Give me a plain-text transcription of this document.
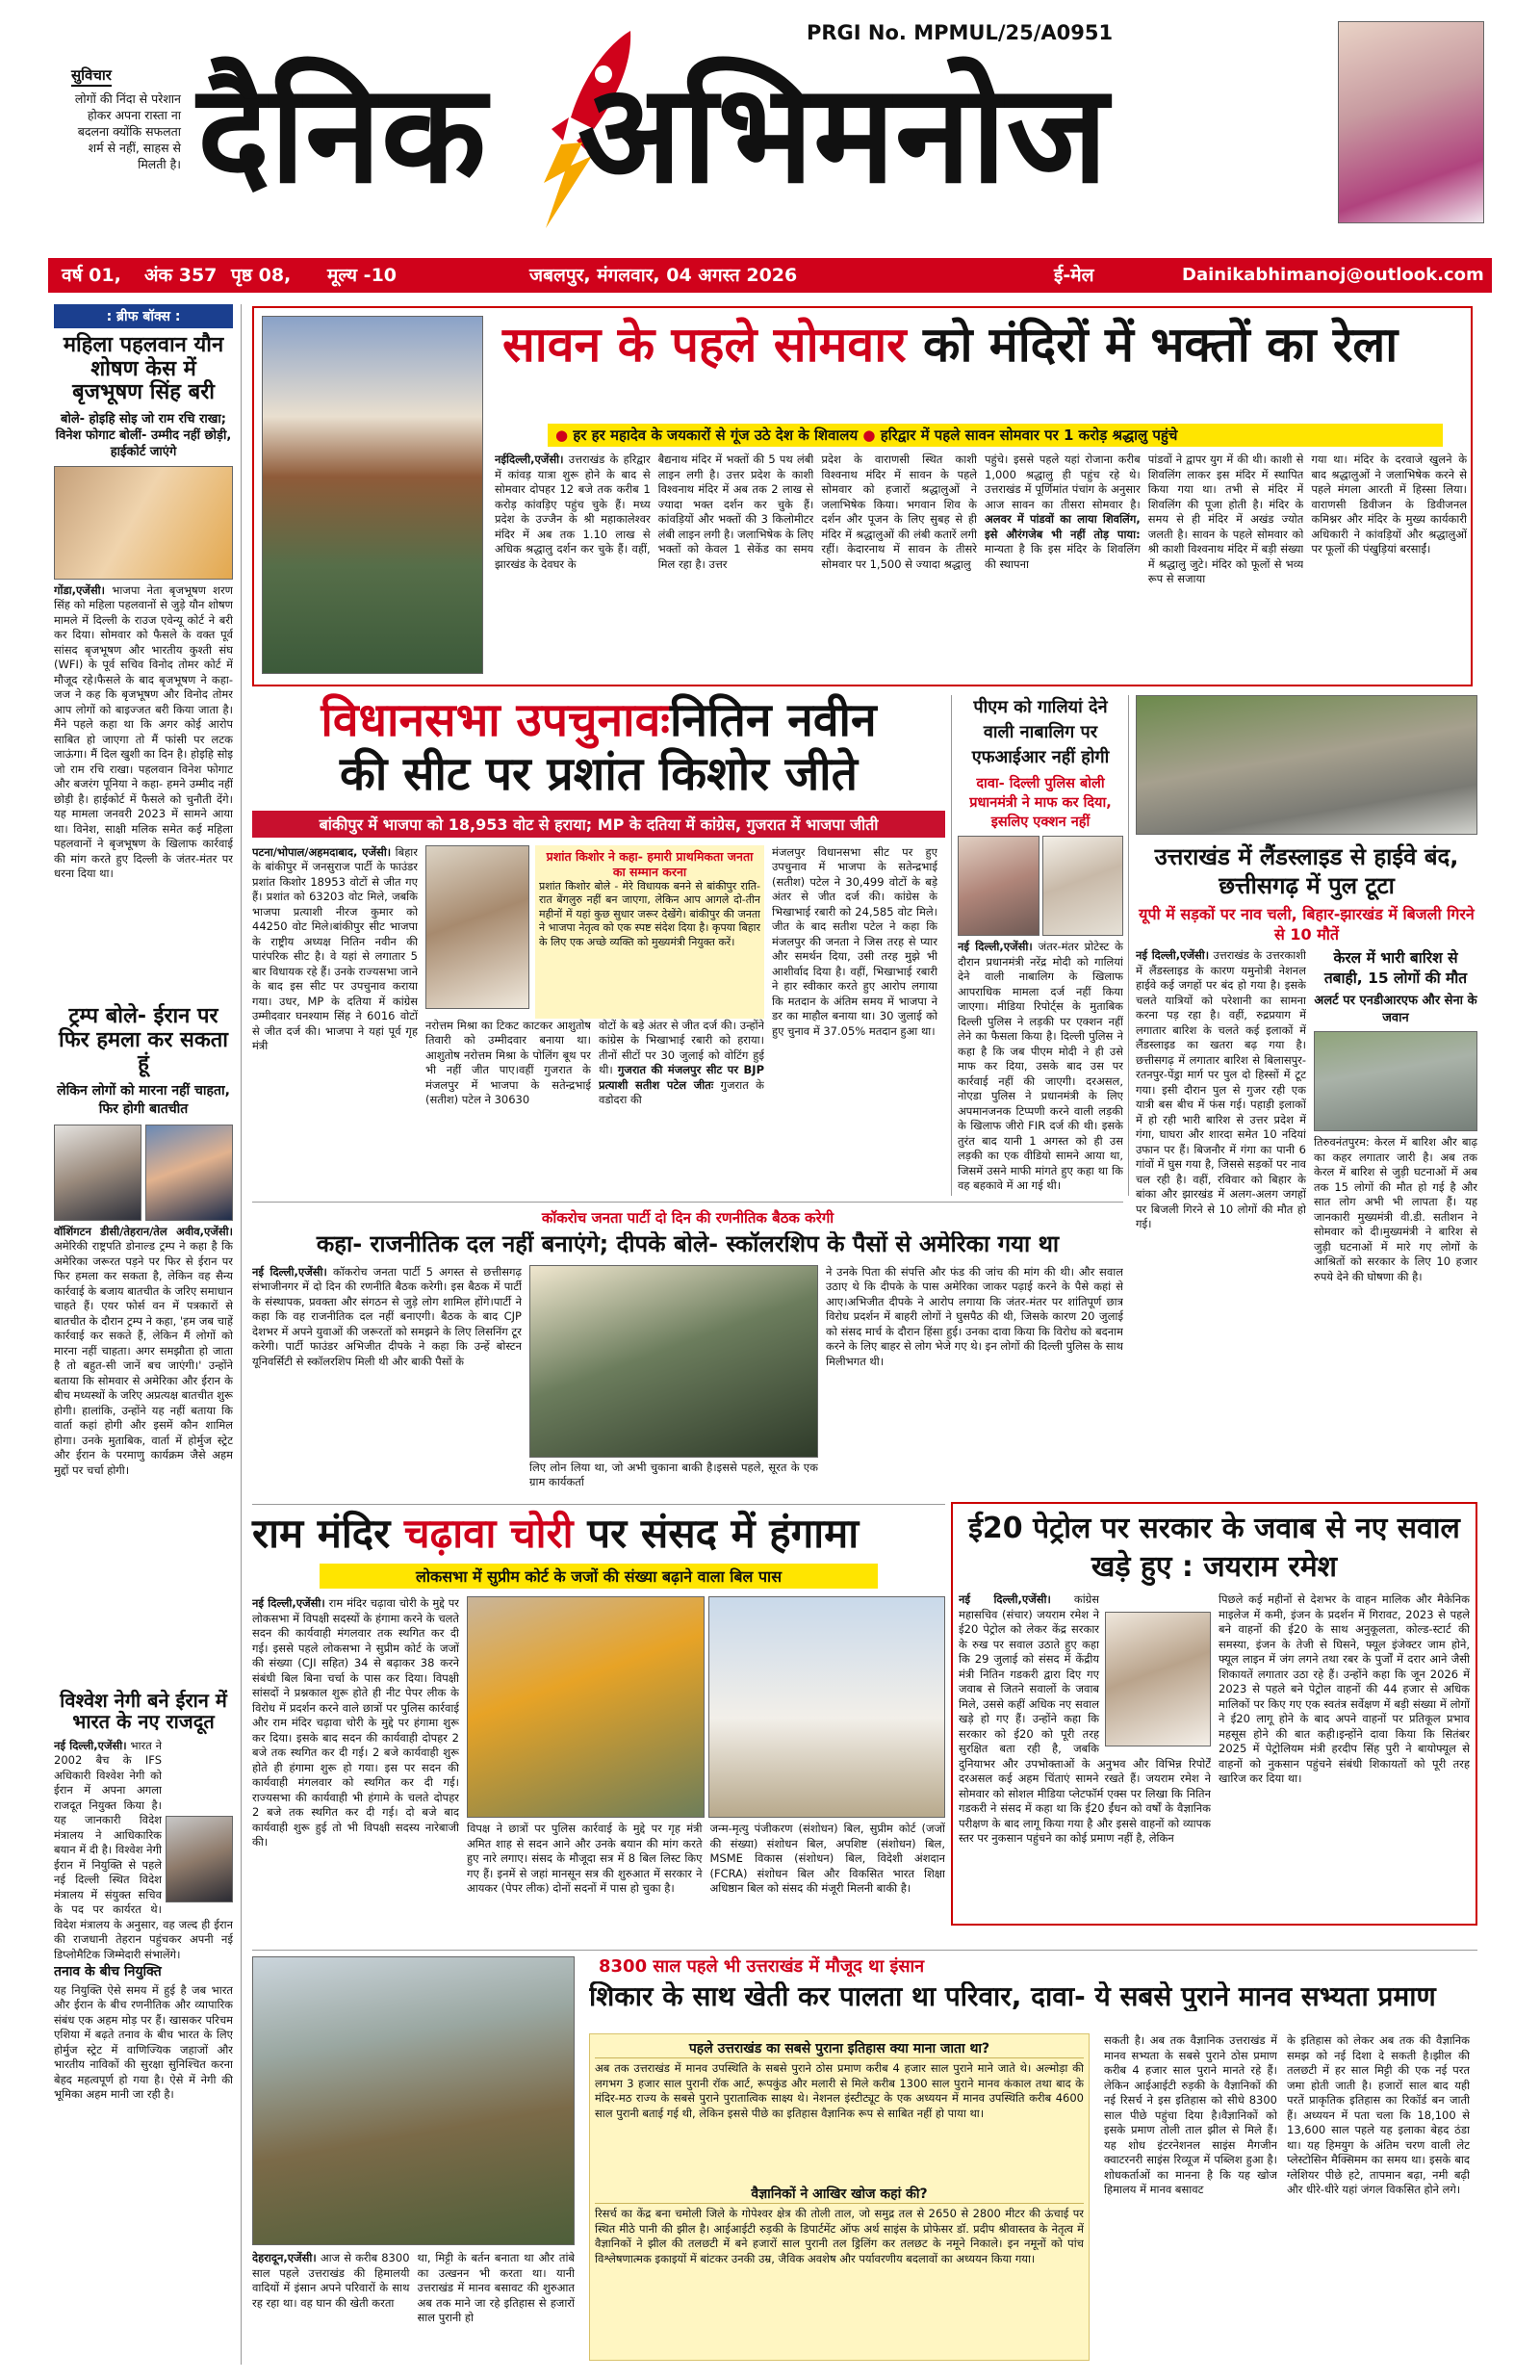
सुविचार
लोगों की निंदा से परेशान होकर अपना रास्ता ना बदलना क्योंकि सफलता शर्म से नहीं, साहस से मिलती है।
PRGI No. MPMUL/25/A0951
दैनिक अभिमनोज
वर्ष 01, अंक 357 पृष्ठ 08, मूल्य -10	जबलपुर, मंगलवार, 04 अगस्त 2026	ई-मेल	Dainikabhimanoj@outlook.com
: ब्रीफ बॉक्स :
महिला पहलवान यौन शोषण केस में बृजभूषण सिंह बरी
बोले- होइहि सोइ जो राम रचि राखा; विनेश फोगाट बोलीं- उम्मीद नहीं छोड़ी, हाईकोर्ट जाएंगे
गोंडा,एजेंसी। भाजपा नेता बृजभूषण शरण सिंह को महिला पहलवानों से जुड़े यौन शोषण मामले में दिल्ली के राउज एवेन्यू कोर्ट ने बरी कर दिया। सोमवार को फैसले के वक्त पूर्व सांसद बृजभूषण और भारतीय कुश्ती संघ (WFI) के पूर्व सचिव विनोद तोमर कोर्ट में मौजूद रहे।फैसले के बाद बृजभूषण ने कहा- जज ने कह कि बृजभूषण और विनोद तोमर आप लोगों को बाइज्जत बरी किया जाता है। मैंने पहले कहा था कि अगर कोई आरोप साबित हो जाएगा तो मैं फांसी पर लटक जाऊंगा। मैं दिल खुशी का दिन है। होइहि सोइ जो राम रचि राखा। पहलवान विनेश फोगाट और बजरंग पूनिया ने कहा- हमने उम्मीद नहीं छोड़ी है। हाईकोर्ट में फैसले को चुनौती देंगे। यह मामला जनवरी 2023 में सामने आया था। विनेश, साक्षी मलिक समेत कई महिला पहलवानों ने बृजभूषण के खिलाफ कार्रवाई की मांग करते हुए दिल्ली के जंतर-मंतर पर धरना दिया था।
ट्रम्प बोले- ईरान पर फिर हमला कर सकता हूं
लेकिन लोगों को मारना नहीं चाहता, फिर होगी बातचीत
वॉशिंगटन डीसी/तेहरान/तेल अवीव,एजेंसी। अमेरिकी राष्ट्रपति डोनाल्ड ट्रम्प ने कहा है कि अमेरिका जरूरत पड़ने पर फिर से ईरान पर फिर हमला कर सकता है, लेकिन वह सैन्य कार्रवाई के बजाय बातचीत के जरिए समाधान चाहते हैं। एयर फोर्स वन में पत्रकारों से बातचीत के दौरान ट्रम्प ने कहा, 'हम जब चाहें कार्रवाई कर सकते हैं, लेकिन मैं लोगों को मारना नहीं चाहता। अगर समझौता हो जाता है तो बहुत-सी जानें बच जाएंगी।' उन्होंने बताया कि सोमवार से अमेरिका और ईरान के बीच मध्यस्थों के जरिए अप्रत्यक्ष बातचीत शुरू होगी। हालांकि, उन्होंने यह नहीं बताया कि वार्ता कहां होगी और इसमें कौन शामिल होगा। उनके मुताबिक, वार्ता में होर्मुज स्ट्रेट और ईरान के परमाणु कार्यक्रम जैसे अहम मुद्दों पर चर्चा होगी।
विश्वेश नेगी बने ईरान में भारत के नए राजदूत
नई दिल्ली,एजेंसी। भारत ने 2002 बैच के IFS अधिकारी विश्वेश नेगी को ईरान में अपना अगला राजदूत नियुक्त किया है। यह जानकारी विदेश मंत्रालय ने आधिकारिक बयान में दी है। विश्वेश नेगी ईरान में नियुक्ति से पहले नई दिल्ली स्थित विदेश मंत्रालय में संयुक्त सचिव के पद पर कार्यरत थे।विदेश मंत्रालय के अनुसार, वह जल्द ही ईरान की राजधानी तेहरान पहुंचकर अपनी नई डिप्लोमैटिक जिम्मेदारी संभालेंगे।
तनाव के बीच नियुक्ति
यह नियुक्ति ऐसे समय में हुई है जब भारत और ईरान के बीच रणनीतिक और व्यापारिक संबंध एक अहम मोड़ पर हैं। खासकर परिचम एशिया में बढ़ते तनाव के बीच भारत के लिए होर्मुज स्ट्रेट में वाणिज्यिक जहाजों और भारतीय नाविकों की सुरक्षा सुनिश्चित करना बेहद महत्वपूर्ण हो गया है। ऐसे में नेगी की भूमिका अहम मानी जा रही है।
सावन के पहले सोमवार को मंदिरों में भक्तों का रेला
● हर हर महादेव के जयकारों से गूंज उठे देश के शिवालय ● हरिद्वार में पहले सावन सोमवार पर 1 करोड़ श्रद्धालु पहुंचे
नईदिल्ली,एजेंसी। उत्तराखंड के हरिद्वार में कांवड़ यात्रा शुरू होने के बाद से सोमवार दोपहर 12 बजे तक करीब 1 करोड़ कांवड़िए पहुंच चुके हैं। मध्य प्रदेश के उज्जैन के श्री महाकालेश्वर मंदिर में अब तक 1.10 लाख से अधिक श्रद्धालु दर्शन कर चुके हैं। वहीं, झारखंड के देवघर के
बैद्यनाथ मंदिर में भक्तों की 5 पथ लंबी लाइन लगी है। उत्तर प्रदेश के काशी विश्वनाथ मंदिर में अब तक 2 लाख से ज्यादा भक्त दर्शन कर चुके हैं। कांवड़ियों और भक्तों की 3 किलोमीटर लंबी लाइन लगी है। जलाभिषेक के लिए भक्तों को केवल 1 सेकेंड का समय मिल रहा है। उत्तर
प्रदेश के वाराणसी स्थित काशी विश्वनाथ मंदिर में सावन के पहले सोमवार को हजारों श्रद्धालुओं ने जलाभिषेक किया। भगवान शिव के दर्शन और पूजन के लिए सुबह से ही मंदिर में श्रद्धालुओं की लंबी कतारें लगी रहीं। केदारनाथ में सावन के तीसरे सोमवार पर 1,500 से ज्यादा श्रद्धालु
पहुंचे। इससे पहले यहां रोजाना करीब 1,000 श्रद्धालु ही पहुंच रहे थे। उत्तराखंड में पूर्णिमांत पंचांग के अनुसार आज सावन का तीसरा सोमवार है। अलवर में पांडवों का लाया शिवलिंग, इसे औरंगजेब भी नहीं तोड़ पाया: मान्यता है कि इस मंदिर के शिवलिंग की स्थापना
पांडवों ने द्वापर युग में की थी। काशी से शिवलिंग लाकर इस मंदिर में स्थापित किया गया था। तभी से मंदिर में शिवलिंग की पूजा होती है। मंदिर के समय से ही मंदिर में अखंड ज्योत जलती है। सावन के पहले सोमवार को श्री काशी विश्वनाथ मंदिर में बड़ी संख्या में श्रद्धालु जुटे। मंदिर को फूलों से भव्य रूप से सजाया
गया था। मंदिर के दरवाजे खुलने के बाद श्रद्धालुओं ने जलाभिषेक करने से पहले मंगला आरती में हिस्सा लिया। वाराणसी डिवीजन के डिवीजनल कमिश्नर और मंदिर के मुख्य कार्यकारी अधिकारी ने कांवड़ियों और श्रद्धालुओं पर फूलों की पंखुड़ियां बरसाईं।
विधानसभा उपचुनावःनितिन नवीन
की सीट पर प्रशांत किशोर जीते
बांकीपुर में भाजपा को 18,953 वोट से हराया; MP के दतिया में कांग्रेस, गुजरात में भाजपा जीती
पटना/भोपाल/अहमदाबाद, एजेंसी। बिहार के बांकीपुर में जनसुराज पार्टी के फाउंडर प्रशांत किशोर 18953 वोटों से जीत गए हैं। प्रशांत को 63203 वोट मिले, जबकि भाजपा प्रत्याशी नीरज कुमार को 44250 वोट मिले।बांकीपुर सीट भाजपा के राष्ट्रीय अध्यक्ष नितिन नवीन की पारंपरिक सीट है। वे यहां से लगातार 5 बार विधायक रहे हैं। उनके राज्यसभा जाने के बाद इस सीट पर उपचुनाव कराया गया। उधर, MP के दतिया में कांग्रेस उम्मीदवार घनश्याम सिंह ने 6016 वोटों से जीत दर्ज की। भाजपा ने यहां पूर्व गृह मंत्री
प्रशांत किशोर ने कहा- हमारी प्राथमिकता जनता का सम्मान करना
प्रशांत किशोर बोले - मेरे विधायक बनने से बांकीपुर राति-रात बेंगलुरु नहीं बन जाएगा, लेकिन आप आगले दो-तीन महीनों में यहां कुछ सुधार जरूर देखेंगे। बांकीपुर की जनता ने भाजपा नेतृत्व को एक स्पष्ट संदेश दिया है। कृपया बिहार के लिए एक अच्छे व्यक्ति को मुख्यमंत्री नियुक्त करें।
नरोत्तम मिश्रा का टिकट काटकर आशुतोष तिवारी को उम्मीदवार बनाया था। आशुतोष नरोत्तम मिश्रा के पोलिंग बूथ पर भी नहीं जीत पाए।वहीं गुजरात के मंजलपुर में भाजपा के सतेन्द्रभाई (सतीश) पटेल ने 30630
वोटों के बड़े अंतर से जीत दर्ज की। उन्होंने कांग्रेस के भिखाभाई रबारी को हराया। तीनों सीटों पर 30 जुलाई को वोटिंग हुई थी। गुजरात की मंजलपुर सीट पर BJP प्रत्याशी सतीश पटेल जीतः गुजरात के वडोदरा की
मंजलपुर विधानसभा सीट पर हुए उपचुनाव में भाजपा के सतेन्द्रभाई (सतीश) पटेल ने 30,499 वोटों के बड़े अंतर से जीत दर्ज की। कांग्रेस के भिखाभाई रबारी को 24,585 वोट मिले।जीत के बाद सतीश पटेल ने कहा कि मंजलपुर की जनता ने जिस तरह से प्यार और समर्थन दिया, उसी तरह मुझे भी आशीर्वाद दिया है। वहीं, भिखाभाई रबारी ने हार स्वीकार करते हुए आरोप लगाया कि मतदान के अंतिम समय में भाजपा ने डर का माहौल बनाया था। 30 जुलाई को हुए चुनाव में 37.05% मतदान हुआ था।
पीएम को गालियां देने वाली नाबालिग पर एफआईआर नहीं होगी
दावा- दिल्ली पुलिस बोली प्रधानमंत्री ने माफ कर दिया, इसलिए एक्शन नहीं
नई दिल्ली,एजेंसी। जंतर-मंतर प्रोटेस्ट के दौरान प्रधानमंत्री नरेंद्र मोदी को गालियां देने वाली नाबालिग के खिलाफ आपराधिक मामला दर्ज नहीं किया जाएगा। मीडिया रिपोर्ट्स के मुताबिक दिल्ली पुलिस ने लड़की पर एक्शन नहीं लेने का फैसला किया है। दिल्ली पुलिस ने कहा है कि जब पीएम मोदी ने ही उसे माफ कर दिया, उसके बाद उस पर कार्रवाई नहीं की जाएगी। दरअसल, नोएडा पुलिस ने प्रधानमंत्री के लिए अपमानजनक टिप्पणी करने वाली लड़की के खिलाफ जीरो FIR दर्ज की थी। इसके तुरंत बाद यानी 1 अगस्त को ही उस लड़की का एक वीडियो सामने आया था, जिसमें उसने माफी मांगते हुए कहा था कि वह बहकावे में आ गई थी।
उत्तराखंड में लैंडस्लाइड से हाईवे बंद, छत्तीसगढ़ में पुल टूटा
यूपी में सड़कों पर नाव चली, बिहार-झारखंड में बिजली गिरने से 10 मौतें
नई दिल्ली,एजेंसी। उत्तराखंड के उत्तरकाशी में लैंडस्लाइड के कारण यमुनोत्री नेशनल हाईवे कई जगहों पर बंद हो गया है। इसके चलते यात्रियों को परेशानी का सामना करना पड़ रहा है। वहीं, रुद्रप्रयाग में लगातार बारिश के चलते कई इलाकों में लैंडस्लाइड का खतरा बढ़ गया है। छत्तीसगढ़ में लगातार बारिश से बिलासपुर-रतनपुर-पेंड्रा मार्ग पर पुल दो हिस्सों में टूट गया। इसी दौरान पुल से गुजर रही एक यात्री बस बीच में फंस गई। पहाड़ी इलाकों में हो रही भारी बारिश से उत्तर प्रदेश में गंगा, घाघरा और शारदा समेत 10 नदियां उफान पर हैं। बिजनौर में गंगा का पानी 6 गांवों में घुस गया है, जिससे सड़कों पर नाव चल रही है। वहीं, रविवार को बिहार के बांका और झारखंड में अलग-अलग जगहों पर बिजली गिरने से 10 लोगों की मौत हो गई।
केरल में भारी बारिश से तबाही, 15 लोगों की मौत
अलर्ट पर एनडीआरएफ और सेना के जवान
तिरुवनंतपुरम: केरल में बारिश और बाढ़ का कहर लगातार जारी है। अब तक केरल में बारिश से जुड़ी घटनाओं में अब तक 15 लोगों की मौत हो गई है और सात लोग अभी भी लापता हैं। यह जानकारी मुख्यमंत्री वी.डी. सतीशन ने सोमवार को दी।मुख्यमंत्री ने बारिश से जुड़ी घटनाओं में मारे गए लोगों के आश्रितों को सरकार के लिए 10 हजार रुपये देने की घोषणा की है।
कॉकरोच जनता पार्टी दो दिन की रणनीतिक बैठक करेगी
कहा- राजनीतिक दल नहीं बनाएंगे; दीपके बोले- स्कॉलरशिप के पैसों से अमेरिका गया था
नई दिल्ली,एजेंसी। कॉकरोच जनता पार्टी 5 अगस्त से छत्तीसगढ़ संभाजीनगर में दो दिन की रणनीति बैठक करेगी। इस बैठक में पार्टी के संस्थापक, प्रवक्ता और संगठन से जुड़े लोग शामिल होंगे।पार्टी ने कहा कि वह राजनीतिक दल नहीं बनाएगी। बैठक के बाद CJP देशभर में अपने युवाओं की जरूरतों को समझने के लिए लिसनिंग टूर करेगी। पार्टी फाउंडर अभिजीत दीपके ने कहा कि उन्हें बोस्टन यूनिवर्सिटी से स्कॉलरशिप मिली थी और बाकी पैसों के
लिए लोन लिया था, जो अभी चुकाना बाकी है।इससे पहले, सूरत के एक ग्राम कार्यकर्ता
ने उनके पिता की संपत्ति और फंड की जांच की मांग की थी। और सवाल उठाए थे कि दीपके के पास अमेरिका जाकर पढ़ाई करने के पैसे कहां से आए।अभिजीत दीपके ने आरोप लगाया कि जंतर-मंतर पर शांतिपूर्ण छात्र विरोध प्रदर्शन में बाहरी लोगों ने घुसपैठ की थी, जिसके कारण 20 जुलाई को संसद मार्च के दौरान हिंसा हुई। उनका दावा किया कि विरोध को बदनाम करने के लिए बाहर से लोग भेजे गए थे। इन लोगों की दिल्ली पुलिस के साथ मिलीभगत थी।
ई20 पेट्रोल पर सरकार के जवाब से नए सवाल खड़े हुए : जयराम रमेश
नई दिल्ली,एजेंसी। कांग्रेस महासचिव (संचार) जयराम रमेश ने ई20 पेट्रोल को लेकर केंद्र सरकार के रुख पर सवाल उठाते हुए कहा कि 29 जुलाई को संसद में केंद्रीय मंत्री नितिन गडकरी द्वारा दिए गए जवाब से जितने सवालों के जवाब मिले, उससे कहीं अधिक नए सवाल खड़े हो गए हैं। उन्होंने कहा कि सरकार को ई20 को पूरी तरह सुरक्षित बता रही है, जबकि दुनियाभर और उपभोक्ताओं के अनुभव और विभिन्न रिपोर्टें दरअसल कई अहम चिंताएं सामने रखते हैं। जयराम रमेश ने सोमवार को सोशल मीडिया प्लेटफॉर्म एक्स पर लिखा कि नितिन गडकरी ने संसद में कहा था कि ई20 ईंधन को वर्षों के वैज्ञानिक परीक्षण के बाद लागू किया गया है और इससे वाहनों को व्यापक स्तर पर नुकसान पहुंचने का कोई प्रमाण नहीं है, लेकिन
पिछले कई महीनों से देशभर के वाहन मालिक और मैकेनिक माइलेज में कमी, इंजन के प्रदर्शन में गिरावट, 2023 से पहले बने वाहनों की ई20 के साथ अनुकूलता, कोल्ड-स्टार्ट की समस्या, इंजन के तेजी से घिसने, फ्यूल इंजेक्टर जाम होने, फ्यूल लाइन में जंग लगने तथा रबर के पुर्जों में दरार आने जैसी शिकायतें लगातार उठा रहे हैं। उन्होंने कहा कि जून 2026 में 2023 से पहले बने पेट्रोल वाहनों की 44 हजार से अधिक मालिकों पर किए गए एक स्वतंत्र सर्वेक्षण में बड़ी संख्या में लोगों ने ई20 लागू होने के बाद अपने वाहनों पर प्रतिकूल प्रभाव महसूस होने की बात कही।इन्होंने दावा किया कि सितंबर 2025 में पेट्रोलियम मंत्री हरदीप सिंह पुरी ने बायोफ्यूल से वाहनों को नुकसान पहुंचने संबंधी शिकायतों को पूरी तरह खारिज कर दिया था।
राम मंदिर चढ़ावा चोरी पर संसद में हंगामा
लोकसभा में सुप्रीम कोर्ट के जजों की संख्या बढ़ाने वाला बिल पास
नई दिल्ली,एजेंसी। राम मंदिर चढ़ावा चोरी के मुद्दे पर लोकसभा में विपक्षी सदस्यों के हंगामा करने के चलते सदन की कार्यवाही मंगलवार तक स्थगित कर दी गई। इससे पहले लोकसभा ने सुप्रीम कोर्ट के जजों की संख्या (CJI सहित) 34 से बढ़ाकर 38 करने संबंधी बिल बिना चर्चा के पास कर दिया। विपक्षी सांसदों ने प्रश्नकाल शुरू होते ही नीट पेपर लीक के विरोध में प्रदर्शन करने वाले छात्रों पर पुलिस कार्रवाई और राम मंदिर चढ़ावा चोरी के मुद्दे पर हंगामा शुरू कर दिया। इसके बाद सदन की कार्यवाही दोपहर 2 बजे तक स्थगित कर दी गई। 2 बजे कार्यवाही शुरू होते ही हंगामा शुरू हो गया। इस पर सदन की कार्यवाही मंगलवार को स्थगित कर दी गई। राज्यसभा की कार्यवाही भी हंगामे के चलते दोपहर 2 बजे तक स्थगित कर दी गई। दो बजे बाद कार्यवाही शुरू हुई तो भी विपक्षी सदस्य नारेबाजी की।
विपक्ष ने छात्रों पर पुलिस कार्रवाई के मुद्दे पर गृह मंत्री अमित शाह से सदन आने और उनके बयान की मांग करते हुए नारे लगाए। संसद के मौजूदा सत्र में 8 बिल लिस्ट किए गए हैं। इनमें से जहां मानसून सत्र की शुरुआत में सरकार ने आयकर (पेपर लीक) दोनों सदनों में पास हो चुका है।
जन्म-मृत्यु पंजीकरण (संशोधन) बिल, सुप्रीम कोर्ट (जजों की संख्या) संशोधन बिल, अपशिष्ट (संशोधन) बिल, MSME विकास (संशोधन) बिल, विदेशी अंशदान (FCRA) संशोधन बिल और विकसित भारत शिक्षा अधिष्ठान बिल को संसद की मंजूरी मिलनी बाकी है।
8300 साल पहले भी उत्तराखंड में मौजूद था इंसान
शिकार के साथ खेती कर पालता था परिवार, दावा- ये सबसे पुराने मानव सभ्यता प्रमाण
देहरादून,एजेंसी। आज से करीब 8300 साल पहले उत्तराखंड की हिमालयी वादियों में इंसान अपने परिवारों के साथ रह रहा था। वह घान की खेती करता
था, मिट्टी के बर्तन बनाता था और तांबे का उत्खनन भी करता था। यानी उत्तराखंड में मानव बसावट की शुरुआत अब तक माने जा रहे इतिहास से हजारों साल पुरानी हो
पहले उत्तराखंड का सबसे पुराना इतिहास क्या माना जाता था?
अब तक उत्तराखंड में मानव उपस्थिति के सबसे पुराने ठोस प्रमाण करीब 4 हजार साल पुराने माने जाते थे। अल्मोड़ा की लगभग 3 हजार साल पुरानी रॉक आर्ट, रूपकुंड और मलारी से मिले करीब 1300 साल पुराने मानव कंकाल तथा बाद के मंदिर-मठ राज्य के सबसे पुराने पुरातात्विक साक्ष्य थे। नेशनल इंस्टीट्यूट के एक अध्ययन में मानव उपस्थिति करीब 4600 साल पुरानी बताई गई थी, लेकिन इससे पीछे का इतिहास वैज्ञानिक रूप से साबित नहीं हो पाया था।
वैज्ञानिकों ने आखिर खोज कहां की?
रिसर्च का केंद्र बना चमोली जिले के गोपेश्वर क्षेत्र की तोली ताल, जो समुद्र तल से 2650 से 2800 मीटर की ऊंचाई पर स्थित मीठे पानी की झील है। आईआईटी रुड़की के डिपार्टमेंट ऑफ अर्थ साइंस के प्रोफेसर डॉ. प्रदीप श्रीवास्तव के नेतृत्व में वैज्ञानिकों ने झील की तलछटी में बने हजारों साल पुरानी तल ड्रिलिंग कर तलछट के नमूने निकाले। इन नमूनों को पांच विश्लेषणात्मक इकाइयों में बांटकर उनकी उम्र, जैविक अवशेष और पर्यावरणीय बदलावों का अध्ययन किया गया।
सकती है। अब तक वैज्ञानिक उत्तराखंड में मानव सभ्यता के सबसे पुराने ठोस प्रमाण करीब 4 हजार साल पुराने मानते रहे हैं। लेकिन आईआईटी रुड़की के वैज्ञानिकों की नई रिसर्च ने इस इतिहास को सीधे 8300 साल पीछे पहुंचा दिया है।वैज्ञानिकों को इसके प्रमाण तोली ताल झील से मिले हैं। यह शोध इंटरनेशनल साइंस मैगजीन क्वाटरनरी साइंस रिव्यूज में पब्लिश हुआ है। शोधकर्ताओं का मानना है कि यह खोज हिमालय में मानव बसावट
के इतिहास को लेकर अब तक की वैज्ञानिक समझ को नई दिशा दे सकती है।झील की तलछटी में हर साल मिट्टी की एक नई परत जमा होती जाती है। हजारों साल बाद यही परतें प्राकृतिक इतिहास का रिकॉर्ड बन जाती हैं। अध्ययन में पता चला कि 18,100 से 13,600 साल पहले यह इलाका बेहद ठंडा था। यह हिमयुग के अंतिम चरण वाली लेट प्लेस्टोसिन मैक्सिमम का समय था। इसके बाद ग्लेशियर पीछे हटे, तापमान बढ़ा, नमी बढ़ी और धीरे-धीरे यहां जंगल विकसित होने लगे।
